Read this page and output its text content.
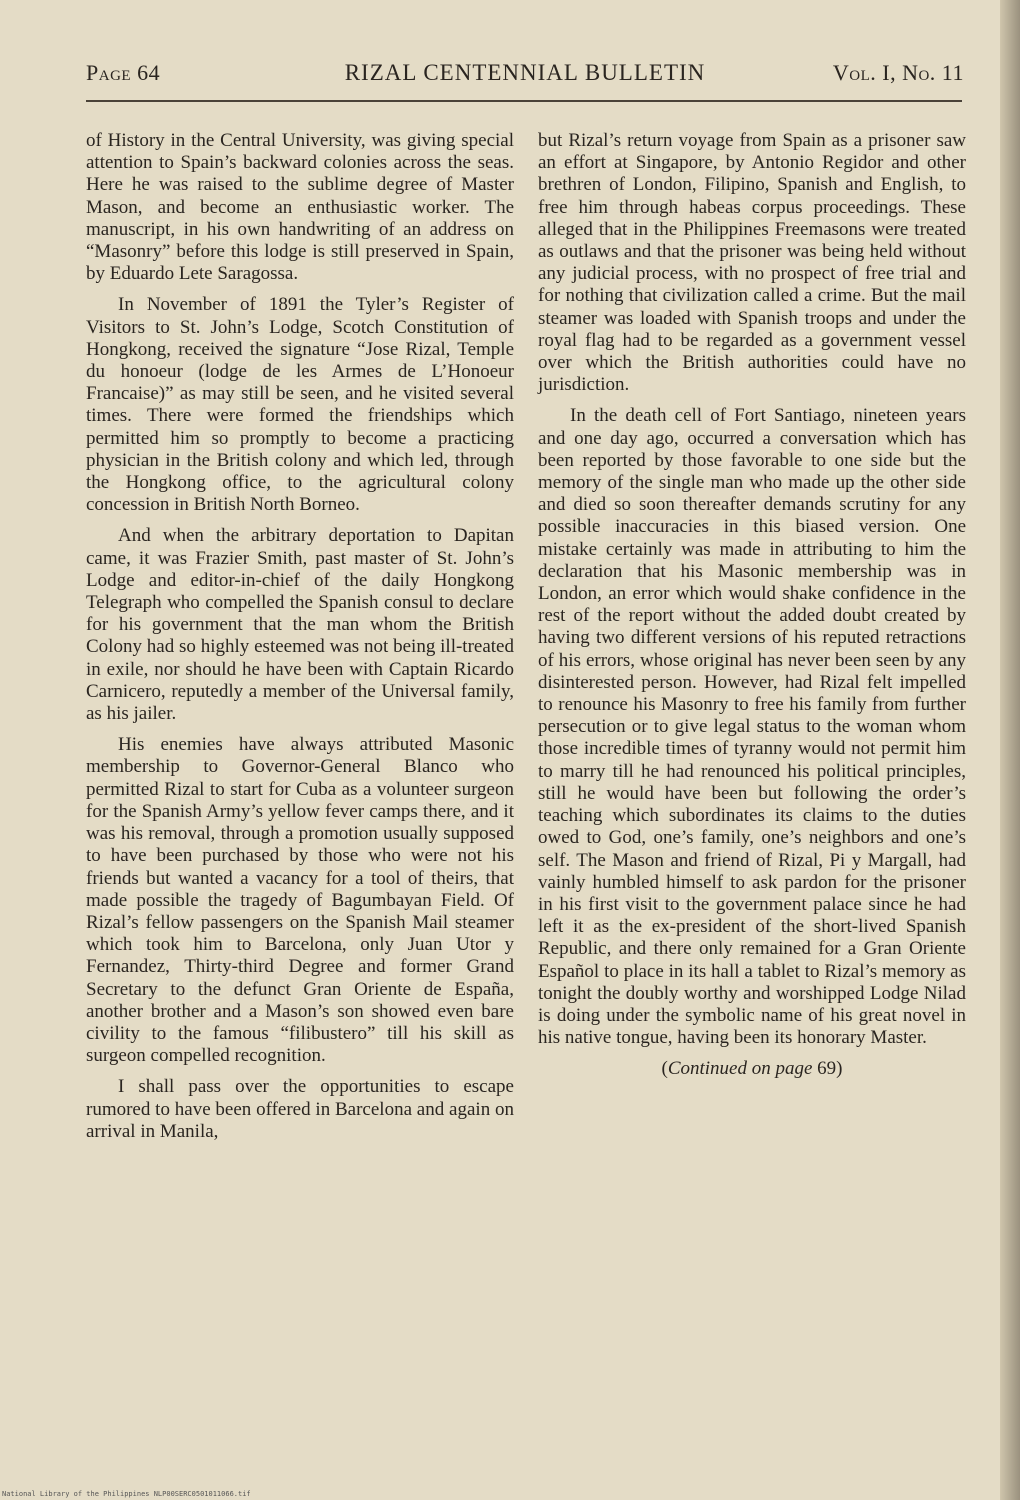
Page 64	RIZAL CENTENNIAL BULLETIN	Vol. I, No. 11

of History in the Central University, was giving special attention to Spain’s backward colonies across the seas. Here he was raised to the sublime degree of Master Mason, and become an enthusiastic worker. The manuscript, in his own handwriting of an address on “Masonry” before this lodge is still preserved in Spain, by Eduardo Lete Saragossa.

In November of 1891 the Tyler’s Register of Visitors to St. John’s Lodge, Scotch Constitution of Hongkong, received the signature “Jose Rizal, Temple du honoeur (lodge de les Armes de L’Honoeur Francaise)” as may still be seen, and he visited several times. There were formed the friendships which permitted him so promptly to become a practicing physician in the British colony and which led, through the Hongkong office, to the agricultural colony concession in British North Borneo.

And when the arbitrary deportation to Dapitan came, it was Frazier Smith, past master of St. John’s Lodge and editor-in-chief of the daily Hongkong Telegraph who compelled the Spanish consul to declare for his government that the man whom the British Colony had so highly esteemed was not being ill-treated in exile, nor should he have been with Captain Ricardo Carnicero, reputedly a member of the Universal family, as his jailer.

His enemies have always attributed Masonic membership to Governor-General Blanco who permitted Rizal to start for Cuba as a volunteer surgeon for the Spanish Army’s yellow fever camps there, and it was his removal, through a promotion usually supposed to have been purchased by those who were not his friends but wanted a vacancy for a tool of theirs, that made possible the tragedy of Bagumbayan Field. Of Rizal’s fellow passengers on the Spanish Mail steamer which took him to Barcelona, only Juan Utor y Fernandez, Thirty-third Degree and former Grand Secretary to the defunct Gran Oriente de España, another brother and a Mason’s son showed even bare civility to the famous “filibustero” till his skill as surgeon compelled recognition.

I shall pass over the opportunities to escape rumored to have been offered in Barcelona and again on arrival in Manila,

but Rizal’s return voyage from Spain as a prisoner saw an effort at Singapore, by Antonio Regidor and other brethren of London, Filipino, Spanish and English, to free him through habeas corpus proceedings. These alleged that in the Philippines Freemasons were treated as outlaws and that the prisoner was being held without any judicial process, with no prospect of free trial and for nothing that civilization called a crime. But the mail steamer was loaded with Spanish troops and under the royal flag had to be regarded as a government vessel over which the British authorities could have no jurisdiction.

In the death cell of Fort Santiago, nineteen years and one day ago, occurred a conversation which has been reported by those favorable to one side but the memory of the single man who made up the other side and died so soon thereafter demands scrutiny for any possible inaccuracies in this biased version. One mistake certainly was made in attributing to him the declaration that his Masonic membership was in London, an error which would shake confidence in the rest of the report without the added doubt created by having two different versions of his reputed retractions of his errors, whose original has never been seen by any disinterested person. However, had Rizal felt impelled to renounce his Masonry to free his family from further persecution or to give legal status to the woman whom those incredible times of tyranny would not permit him to marry till he had renounced his political principles, still he would have been but following the order’s teaching which subordinates its claims to the duties owed to God, one’s family, one’s neighbors and one’s self. The Mason and friend of Rizal, Pi y Margall, had vainly humbled himself to ask pardon for the prisoner in his first visit to the government palace since he had left it as the ex-president of the short-lived Spanish Republic, and there only remained for a Gran Oriente Español to place in its hall a tablet to Rizal’s memory as tonight the doubly worthy and worshipped Lodge Nilad is doing under the symbolic name of his great novel in his native tongue, having been its honorary Master.

(Continued on page 69)
National Library of the Philippines NLP00SERC0501011066.tif
